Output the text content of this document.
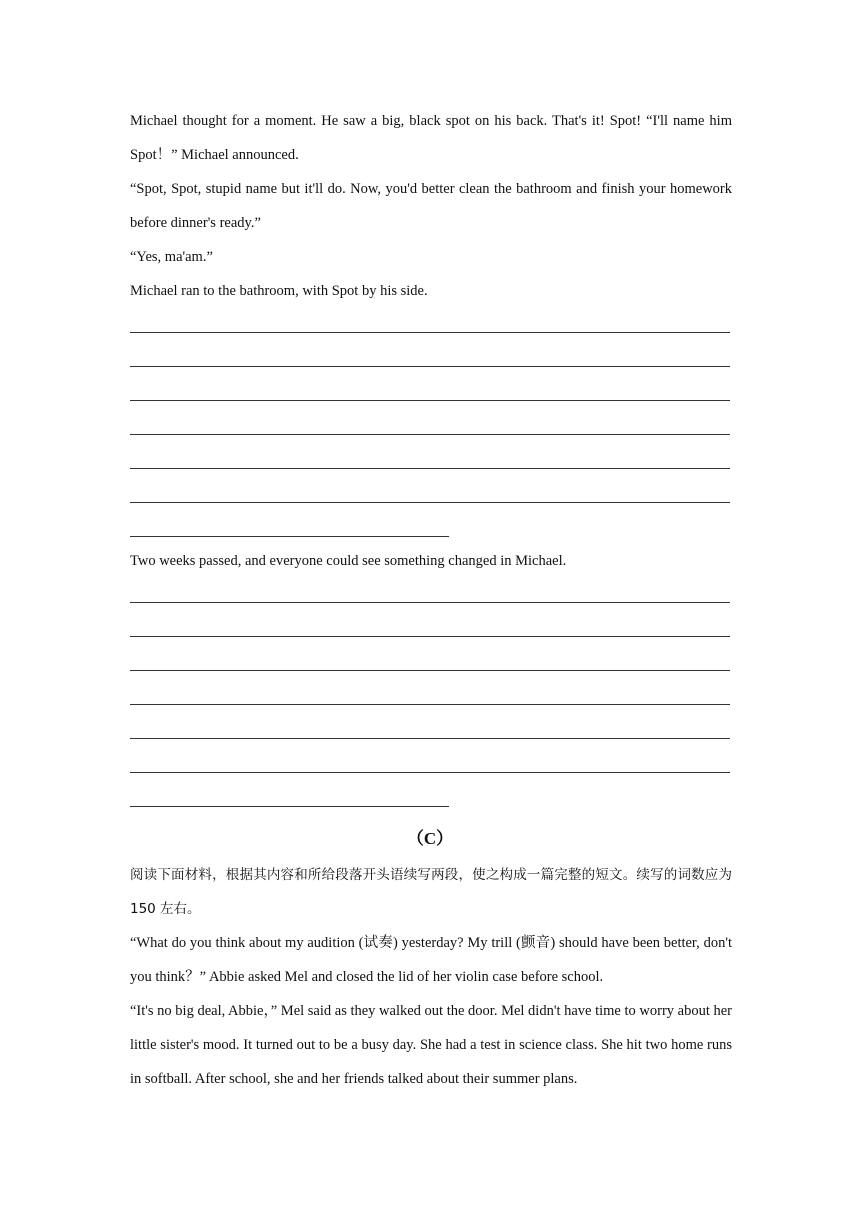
Michael thought for a moment. He saw a big, black spot on his back. That's it! Spot! “I'll name him Spot！” Michael announced.

“Spot, Spot, stupid name but it'll do. Now, you'd better clean the bathroom and finish your homework before dinner's ready.”

“Yes, ma'am.”

Michael ran to the bathroom, with Spot by his side.

Two weeks passed, and everyone could see something changed in Michael.

（C）

阅读下面材料，根据其内容和所给段落开头语续写两段，使之构成一篇完整的短文。续写的词数应为 150 左右。

“What do you think about my audition (试奏) yesterday? My trill (颤音) should have been better, don't you think？” Abbie asked Mel and closed the lid of her violin case before school.

“It's no big deal, Abbie，” Mel said as they walked out the door. Mel didn't have time to worry about her little sister's mood. It turned out to be a busy day. She had a test in science class. She hit two home runs in softball. After school, she and her friends talked about their summer plans.
